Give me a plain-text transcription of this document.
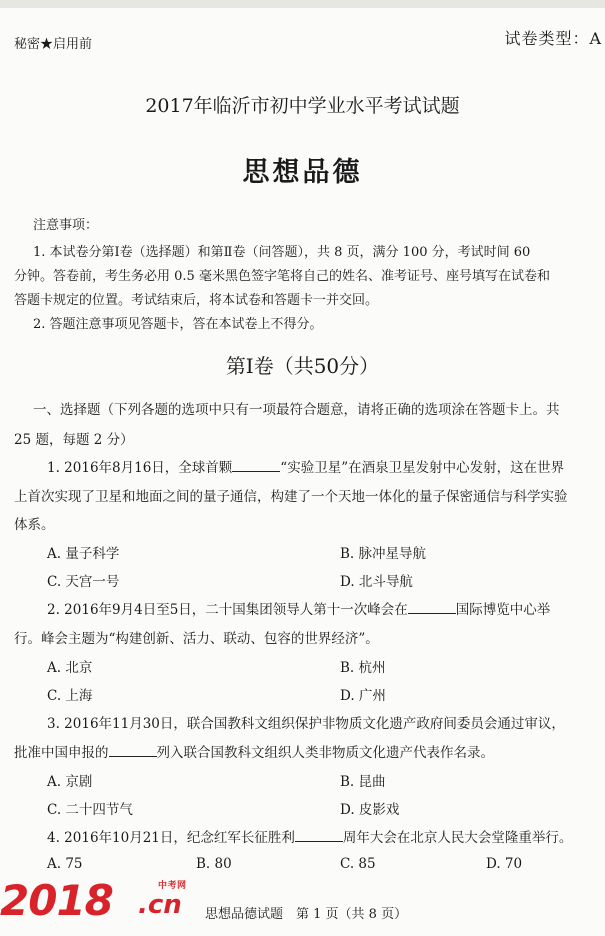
秘密★启用前	试卷类型：A
2017年临沂市初中学业水平考试试题
思想品德
注意事项：
1. 本试卷分第Ⅰ卷（选择题）和第Ⅱ卷（问答题），共 8 页，满分 100 分，考试时间 60
分钟。答卷前，考生务必用 0.5 毫米黑色签字笔将自己的姓名、准考证号、座号填写在试卷和
答题卡规定的位置。考试结束后，将本试卷和答题卡一并交回。
2. 答题注意事项见答题卡，答在本试卷上不得分。
第Ⅰ卷（共50分）
一、选择题（下列各题的选项中只有一项最符合题意，请将正确的选项涂在答题卡上。共
25 题，每题 2 分）
1. 2016年8月16日，全球首颗	“实验卫星”在酒泉卫星发射中心发射，这在世界
上首次实现了卫星和地面之间的量子通信，构建了一个天地一体化的量子保密通信与科学实验
体系。
A. 量子科学	B. 脉冲星导航
C. 天宫一号	D. 北斗导航
2. 2016年9月4日至5日，二十国集团领导人第十一次峰会在	国际博览中心举
行。峰会主题为“构建创新、活力、联动、包容的世界经济”。
A. 北京	B. 杭州
C. 上海	D. 广州
3. 2016年11月30日，联合国教科文组织保护非物质文化遗产政府间委员会通过审议，
批准中国申报的	列入联合国教科文组织人类非物质文化遗产代表作名录。
A. 京剧	B. 昆曲
C. 二十四节气	D. 皮影戏
4. 2016年10月21日，纪念红军长征胜利	周年大会在北京人民大会堂隆重举行。
A. 75	B. 80	C. 85	D. 70
2018 .cn
中考网
思想品德试题　第 1 页（共 8 页）
